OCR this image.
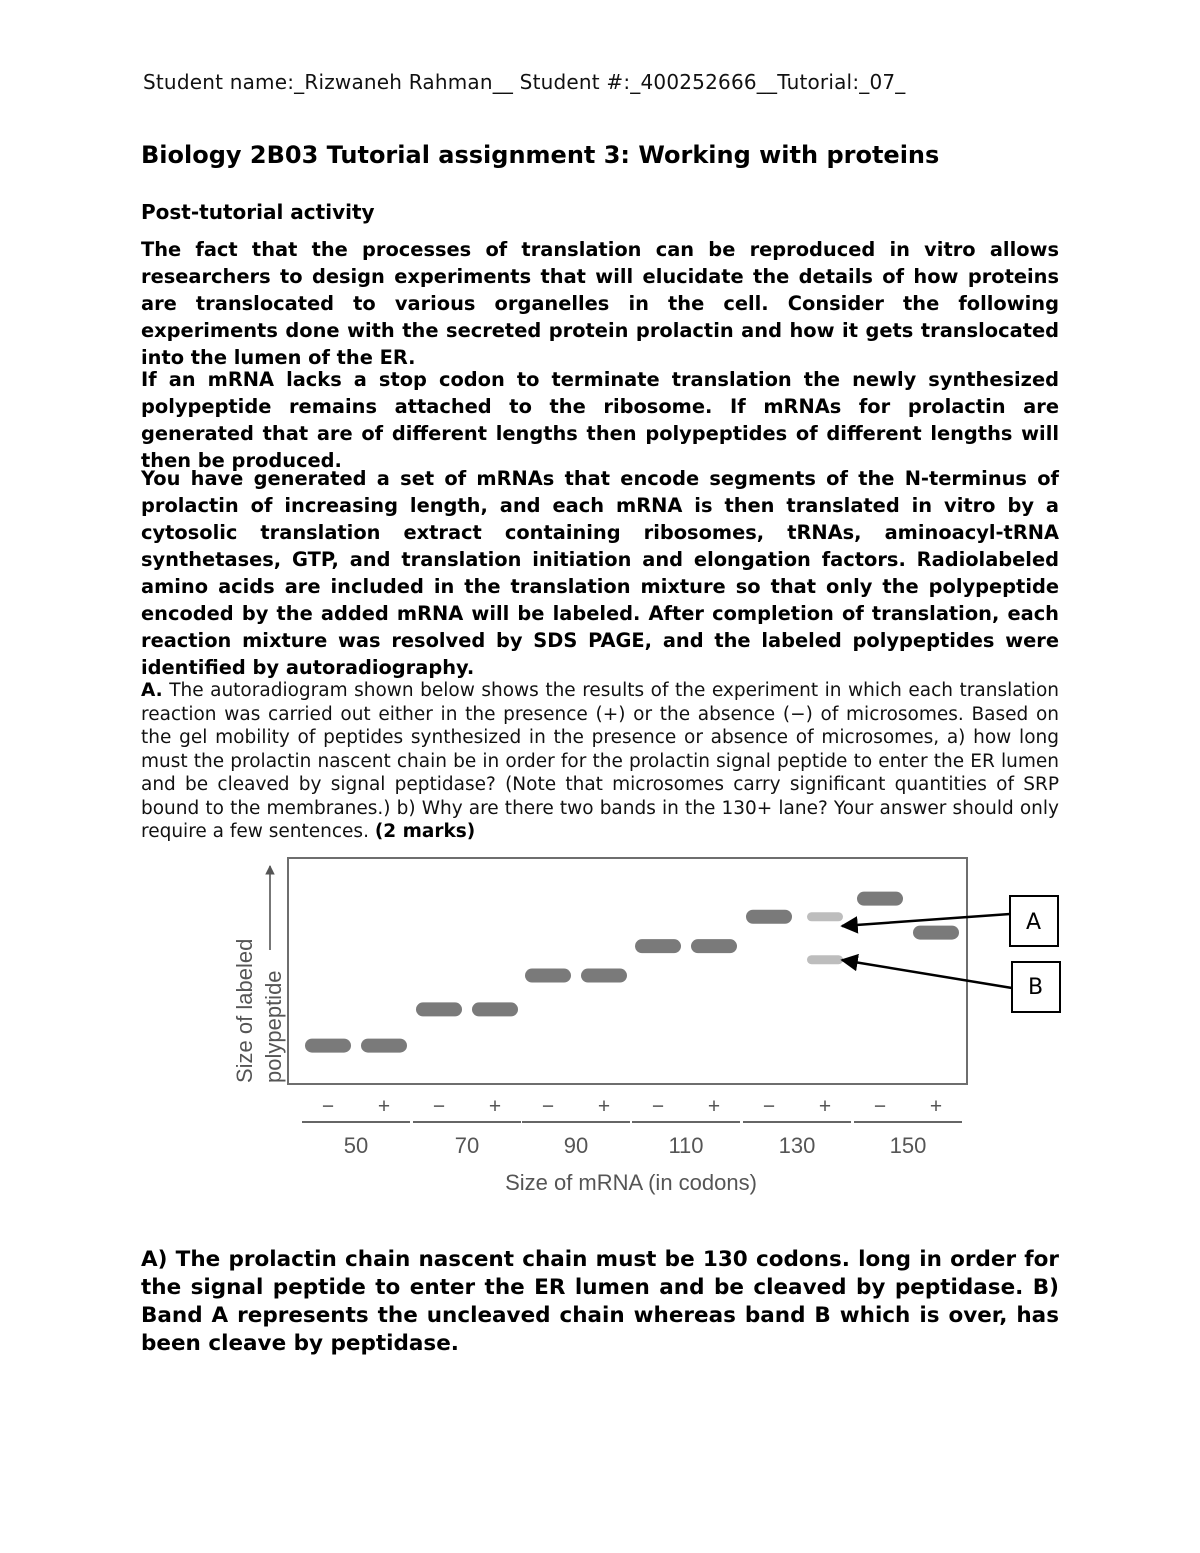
Student name:_Rizwaneh Rahman__ Student #:_400252666__Tutorial:_07_
Biology 2B03 Tutorial assignment 3: Working with proteins
Post-tutorial activity

The fact that the processes of translation can be reproduced in vitro allows researchers to design experiments that will elucidate the details of how proteins are translocated to various organelles in the cell. Consider the following experiments done with the secreted protein prolactin and how it gets translocated into the lumen of the ER.

If an mRNA lacks a stop codon to terminate translation the newly synthesized polypeptide remains attached to the ribosome. If mRNAs for prolactin are generated that are of different lengths then polypeptides of different lengths will then be produced.

You have generated a set of mRNAs that encode segments of the N-terminus of prolactin of increasing length, and each mRNA is then translated in vitro by a cytosolic translation extract containing ribosomes, tRNAs, aminoacyl-tRNA synthetases, GTP, and translation initiation and elongation factors. Radiolabeled amino acids are included in the translation mixture so that only the polypeptide encoded by the added mRNA will be labeled. After completion of translation, each reaction mixture was resolved by SDS PAGE, and the labeled polypeptides were identified by autoradiography.

A. The autoradiogram shown below shows the results of the experiment in which each translation reaction was carried out either in the presence (+) or the absence (−) of microsomes. Based on the gel mobility of peptides synthesized in the presence or absence of microsomes, a) how long must the prolactin nascent chain be in order for the prolactin signal peptide to enter the ER lumen and be cleaved by signal peptidase? (Note that microsomes carry significant quantities of SRP bound to the membranes.) b) Why are there two bands in the 130+ lane? Your answer should only require a few sentences. (2 marks)

Size of labeled polypeptide
− +
50
− +
70
− +
90
− +
110
− +
130
− +
150
Size of mRNA (in codons)
A
B

A) The prolactin chain nascent chain must be 130 codons. long in order for the signal peptide to enter the ER lumen and be cleaved by peptidase. B) Band A represents the uncleaved chain whereas band B which is over, has been cleave by peptidase.
